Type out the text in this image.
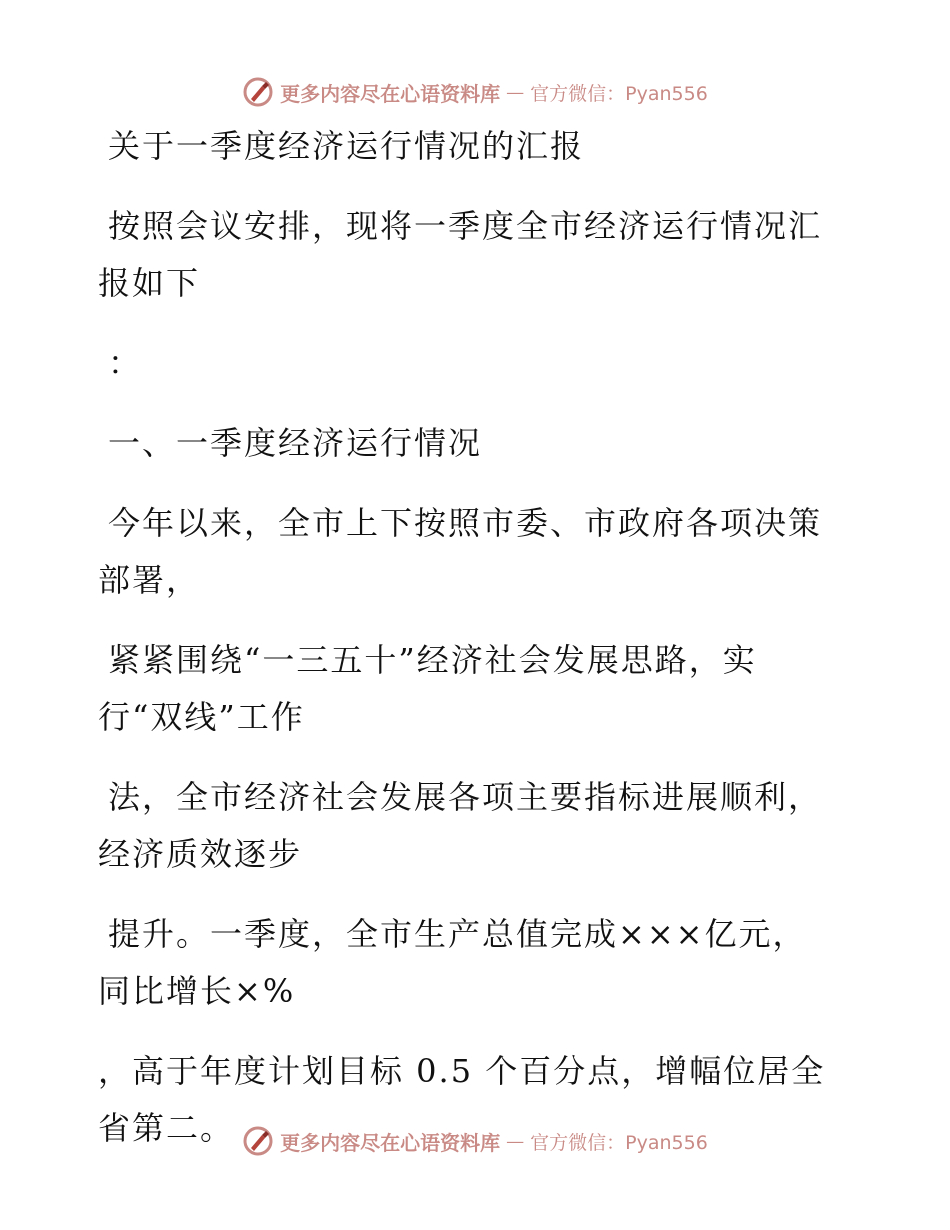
更多内容尽在心语资料库 — 官方微信：Pyan556

关于一季度经济运行情况的汇报

按照会议安排，现将一季度全市经济运行情况汇

报如下

：

一、一季度经济运行情况

今年以来，全市上下按照市委、市政府各项决策

部署，

紧紧围绕“一三五十”经济社会发展思路，实

行“双线”工作

法，全市经济社会发展各项主要指标进展顺利，

经济质效逐步

提升。一季度，全市生产总值完成×××亿元，

同比增长×%

，高于年度计划目标 0.5 个百分点，增幅位居全

省第二。	更多内容尽在心语资料库 — 官方微信：Pyan556
